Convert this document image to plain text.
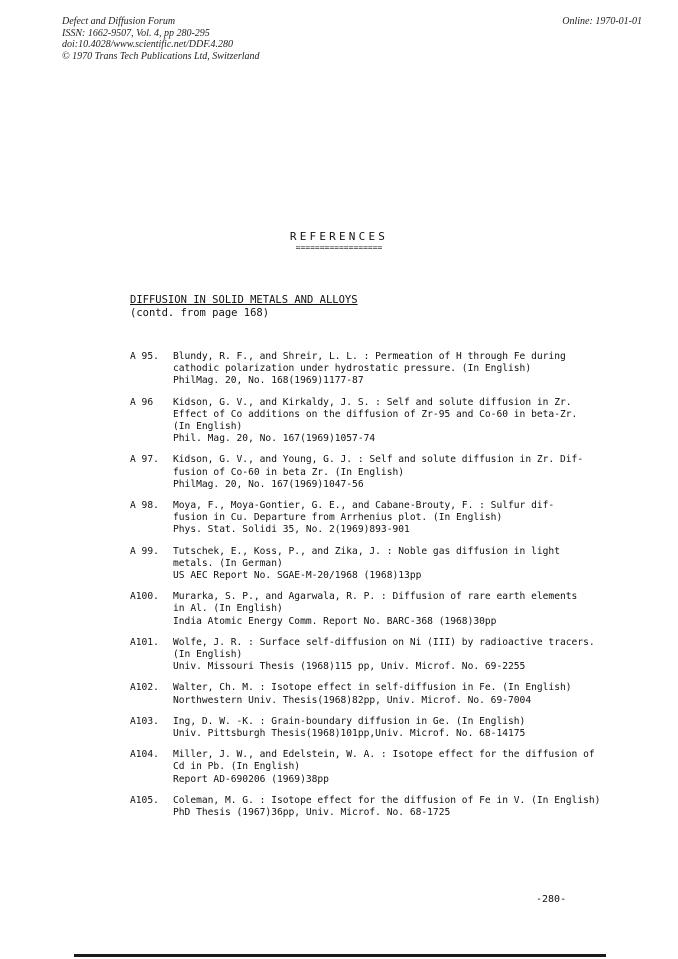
Defect and Diffusion Forum
ISSN: 1662-9507, Vol. 4, pp 280-295
doi:10.4028/www.scientific.net/DDF.4.280
© 1970 Trans Tech Publications Ltd, Switzerland
Online: 1970-01-01
REFERENCES
==================
DIFFUSION IN SOLID METALS AND ALLOYS
(contd. from page 168)
A 95.	Blundy, R. F., and Shreir, L. L. : Permeation of H through Fe during
cathodic polarization under hydrostatic pressure. (In English)
PhilMag. 20, No. 168(1969)1177-87
A 96	Kidson, G. V., and Kirkaldy, J. S. : Self and solute diffusion in Zr.
Effect of Co additions on the diffusion of Zr-95 and Co-60 in beta-Zr.
(In English)
Phil. Mag. 20, No. 167(1969)1057-74
A 97.	Kidson, G. V., and Young, G. J. : Self and solute diffusion in Zr. Dif-
fusion of Co-60 in beta Zr. (In English)
PhilMag. 20, No. 167(1969)1047-56
A 98.	Moya, F., Moya-Gontier, G. E., and Cabane-Brouty, F. : Sulfur dif-
fusion in Cu. Departure from Arrhenius plot. (In English)
Phys. Stat. Solidi 35, No. 2(1969)893-901
A 99.	Tutschek, E., Koss, P., and Zika, J. : Noble gas diffusion in light
metals. (In German)
US AEC Report No. SGAE-M-20/1968 (1968)13pp
A100.	Murarka, S. P., and Agarwala, R. P. : Diffusion of rare earth elements
in Al. (In English)
India Atomic Energy Comm. Report No. BARC-368 (1968)30pp
A101.	Wolfe, J. R. : Surface self-diffusion on Ni (III) by radioactive tracers.
(In English)
Univ. Missouri Thesis (1968)115 pp, Univ. Microf. No. 69-2255
A102.	Walter, Ch. M. : Isotope effect in self-diffusion in Fe. (In English)
Northwestern Univ. Thesis(1968)82pp, Univ. Microf. No. 69-7004
A103.	Ing, D. W. -K. : Grain-boundary diffusion in Ge. (In English)
Univ. Pittsburgh Thesis(1968)101pp,Univ. Microf. No. 68-14175
A104.	Miller, J. W., and Edelstein, W. A. : Isotope effect for the diffusion of
Cd in Pb. (In English)
Report AD-690206 (1969)38pp
A105.	Coleman, M. G. : Isotope effect for the diffusion of Fe in V. (In English)
PhD Thesis (1967)36pp, Univ. Microf. No. 68-1725
-280-
